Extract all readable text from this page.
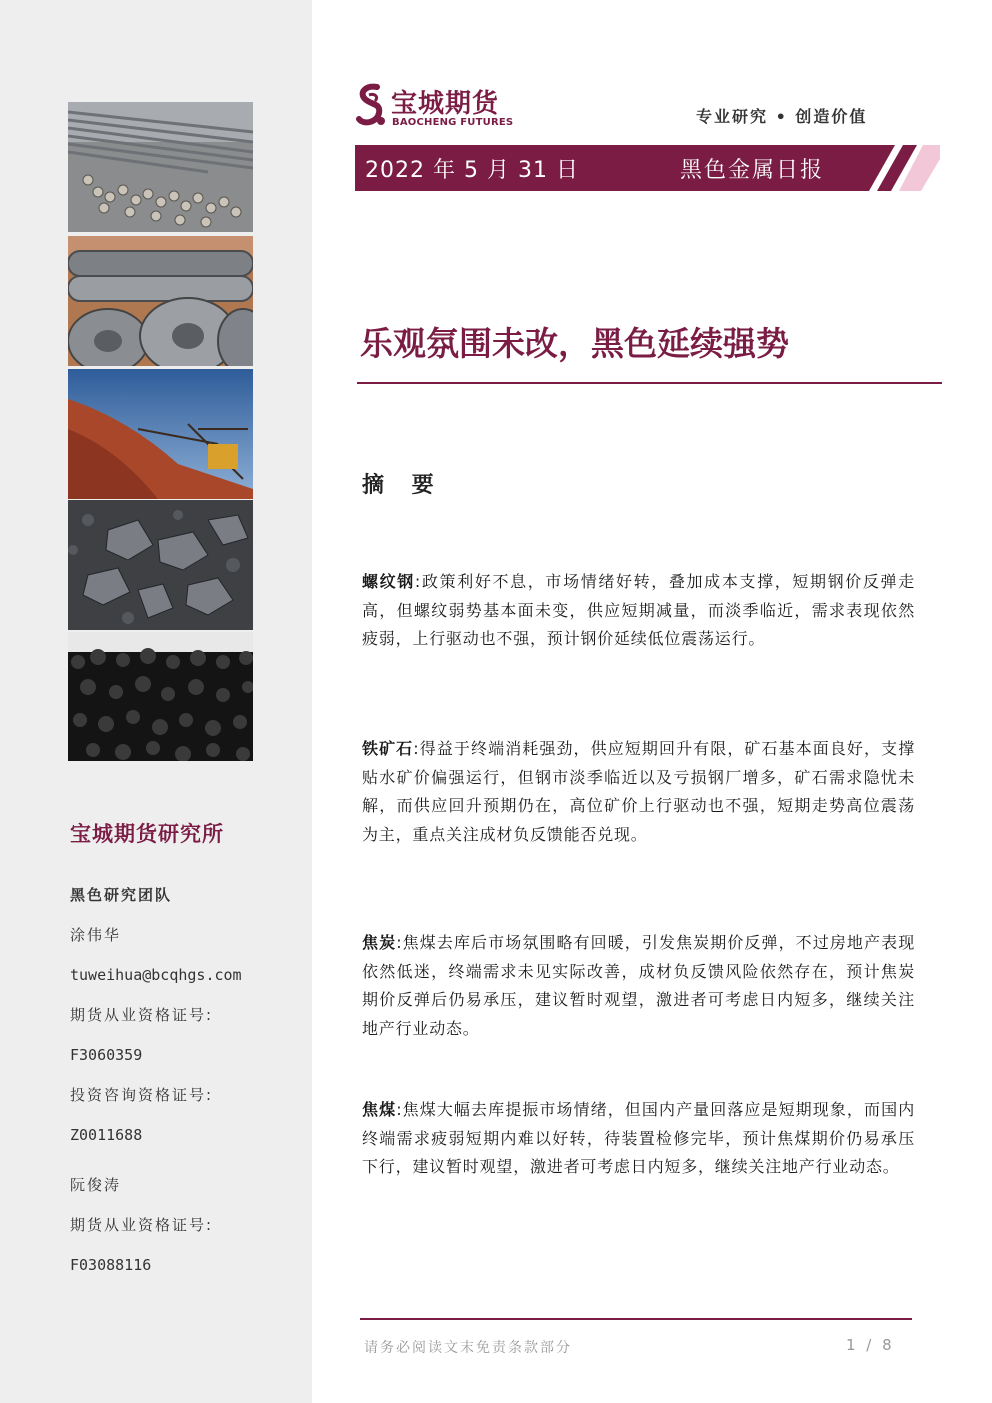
宝城期货研究所
黑色研究团队
涂伟华
tuweihua@bcqhgs.com
期货从业资格证号:
F3060359
投资咨询资格证号:
Z0011688
阮俊涛
期货从业资格证号:
F03088116
宝城期货
BAOCHENG FUTURES	专业研究 • 创造价值
2022 年 5 月 31 日	黑色金属日报
乐观氛围未改，黑色延续强势
摘 要
螺纹钢:政策利好不息，市场情绪好转，叠加成本支撑，短期钢价反弹走高，但螺纹弱势基本面未变，供应短期减量，而淡季临近，需求表现依然疲弱，上行驱动也不强，预计钢价延续低位震荡运行。
铁矿石:得益于终端消耗强劲，供应短期回升有限，矿石基本面良好，支撑贴水矿价偏强运行，但钢市淡季临近以及亏损钢厂增多，矿石需求隐忧未解，而供应回升预期仍在，高位矿价上行驱动也不强，短期走势高位震荡为主，重点关注成材负反馈能否兑现。
焦炭:焦煤去库后市场氛围略有回暖，引发焦炭期价反弹，不过房地产表现依然低迷，终端需求未见实际改善，成材负反馈风险依然存在，预计焦炭期价反弹后仍易承压，建议暂时观望，激进者可考虑日内短多，继续关注地产行业动态。
焦煤:焦煤大幅去库提振市场情绪，但国内产量回落应是短期现象，而国内终端需求疲弱短期内难以好转，待装置检修完毕，预计焦煤期价仍易承压下行，建议暂时观望，激进者可考虑日内短多，继续关注地产行业动态。
请务必阅读文末免责条款部分	1 / 8
